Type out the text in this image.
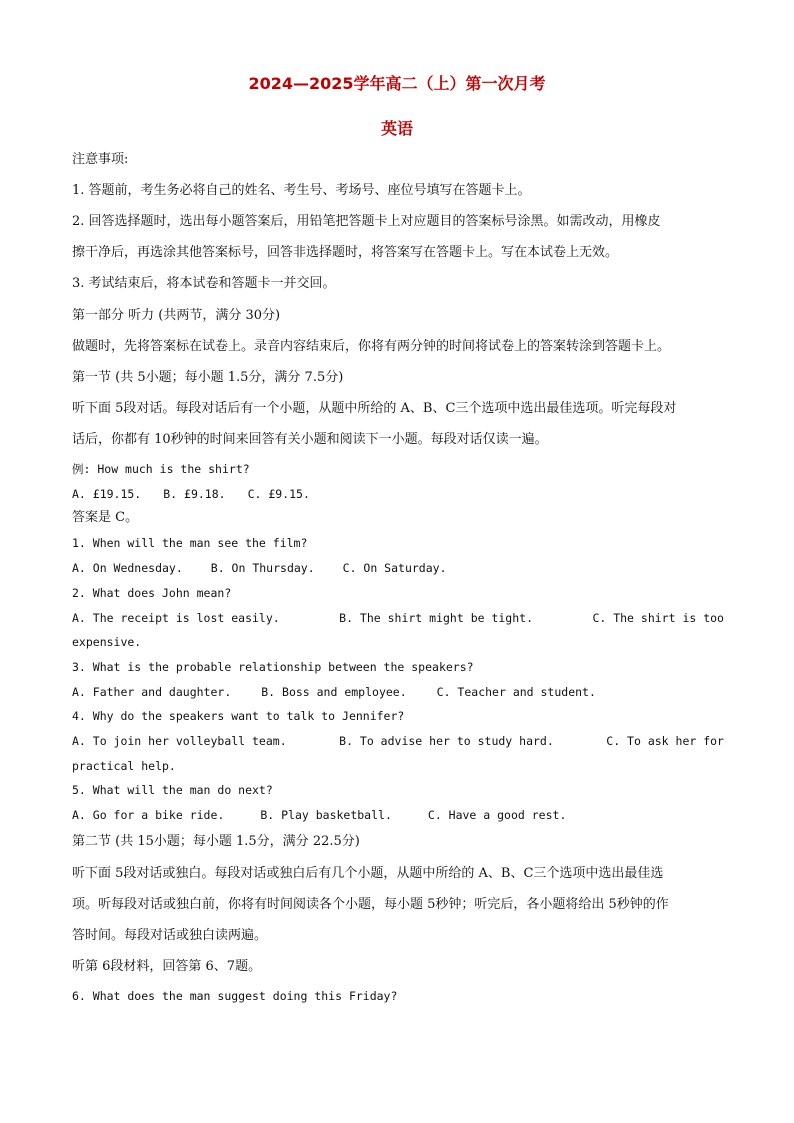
2024—2025学年高二（上）第一次月考
英语
注意事项:
1. 答题前，考生务必将自己的姓名、考生号、考场号、座位号填写在答题卡上。
2. 回答选择题时，选出每小题答案后，用铅笔把答题卡上对应题目的答案标号涂黑。如需改动，用橡皮
擦干净后，再选涂其他答案标号，回答非选择题时，将答案写在答题卡上。写在本试卷上无效。
3. 考试结束后，将本试卷和答题卡一并交回。
第一部分 听力 (共两节，满分 30分)
做题时，先将答案标在试卷上。录音内容结束后，你将有两分钟的时间将试卷上的答案转涂到答题卡上。
第一节 (共 5小题；每小题 1.5分，满分 7.5分)
听下面 5段对话。每段对话后有一个小题，从题中所给的 A、B、C三个选项中选出最佳选项。听完每段对
话后，你都有 10秒钟的时间来回答有关小题和阅读下一小题。每段对话仅读一遍。
例: How much is the shirt?
A. £19.15. B. £9.18. C. £9.15.
答案是 C。
1. When will the man see the film?
A. On Wednesday. B. On Thursday. C. On Saturday.
2. What does John mean?
A. The receipt is lost easily.	B. The shirt might be tight.	C. The shirt is too
expensive.
3. What is the probable relationship between the speakers?
A. Father and daughter.	B. Boss and employee.	C. Teacher and student.
4. Why do the speakers want to talk to Jennifer?
A. To join her volleyball team.	B. To advise her to study hard.	C. To ask her for
practical help.
5. What will the man do next?
A. Go for a bike ride.	B. Play basketball.	C. Have a good rest.
第二节 (共 15小题；每小题 1.5分，满分 22.5分)
听下面 5段对话或独白。每段对话或独白后有几个小题，从题中所给的 A、B、C三个选项中选出最佳选
项。听每段对话或独白前，你将有时间阅读各个小题，每小题 5秒钟；听完后，各小题将给出 5秒钟的作
答时间。每段对话或独白读两遍。
听第 6段材料，回答第 6、7题。
6. What does the man suggest doing this Friday?
